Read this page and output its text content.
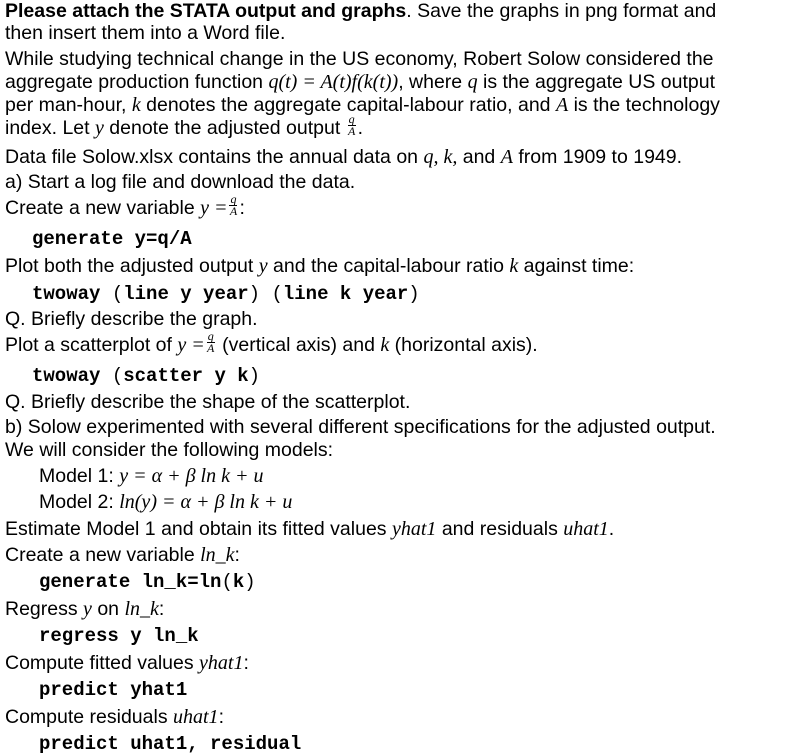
Please attach the STATA output and graphs. Save the graphs in png format and
then insert them into a Word file.
While studying technical change in the US economy, Robert Solow considered the
aggregate production function q(t) = A(t)f(k(t)), where q is the aggregate US output
per man-hour, k denotes the aggregate capital-labour ratio, and A is the technology
index. Let y denote the adjusted output $\frac{q}{A}$ .
Data file Solow.xlsx contains the annual data on q, k, and A from 1909 to 1949.
a) Start a log file and download the data.
Create a new variable $y = \frac{q}{A}$ :
generate y=q/A
Plot both the adjusted output y and the capital-labour ratio k against time:
twoway (line y year) (line k year)
Q. Briefly describe the graph.
Plot a scatterplot of $y = \frac{q}{A}$ (vertical axis) and k (horizontal axis).
twoway (scatter y k)
Q. Briefly describe the shape of the scatterplot.
b) Solow experimented with several different specifications for the adjusted output.
We will consider the following models:
Model 1: y = α + β ln k + u
Model 2: ln(y) = α + β ln k + u
Estimate Model 1 and obtain its fitted values yhat1 and residuals uhat1.
Create a new variable ln_k:
generate ln_k=ln(k)
Regress y on ln_k:
regress y ln_k
Compute fitted values yhat1:
predict yhat1
Compute residuals uhat1:
predict uhat1, residual
